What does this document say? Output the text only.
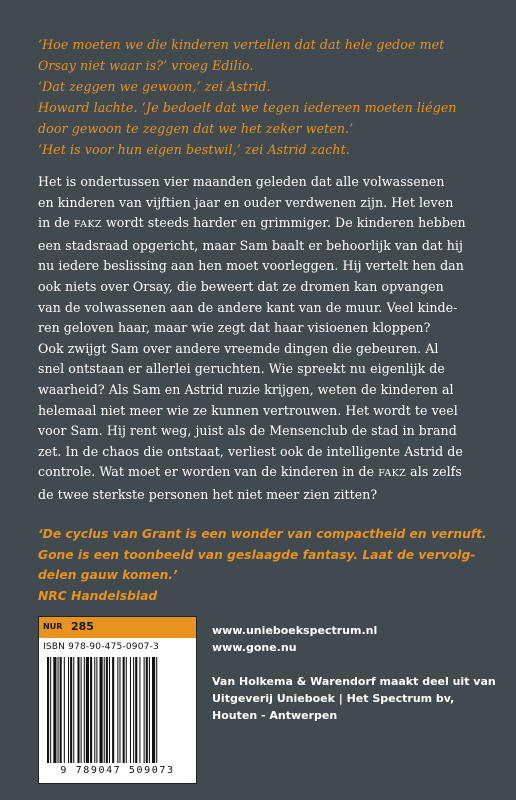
‘Hoe moeten we die kinderen vertellen dat dat hele gedoe met

Orsay niet waar is?’ vroeg Edilio.

‘Dat zeggen we gewoon,’ zei Astrid.

Howard lachte. ‘Je bedoelt dat we tegen iedereen moeten liégen

door gewoon te zeggen dat we het zeker weten.’

‘Het is voor hun eigen bestwil,’ zei Astrid zacht.

Het is ondertussen vier maanden geleden dat alle volwassenen

en kinderen van vijftien jaar en ouder verdwenen zijn. Het leven

in de FAKZ wordt steeds harder en grimmiger. De kinderen hebben

een stadsraad opgericht, maar Sam baalt er behoorlijk van dat hij

nu iedere beslissing aan hen moet voorleggen. Hij vertelt hen dan

ook niets over Orsay, die beweert dat ze dromen kan opvangen

van de volwassenen aan de andere kant van de muur. Veel kinde-

ren geloven haar, maar wie zegt dat haar visioenen kloppen?

Ook zwijgt Sam over andere vreemde dingen die gebeuren. Al

snel ontstaan er allerlei geruchten. Wie spreekt nu eigenlijk de

waarheid? Als Sam en Astrid ruzie krijgen, weten de kinderen al

helemaal niet meer wie ze kunnen vertrouwen. Het wordt te veel

voor Sam. Hij rent weg, juist als de Mensenclub de stad in brand

zet. In de chaos die ontstaat, verliest ook de intelligente Astrid de

controle. Wat moet er worden van de kinderen in de FAKZ als zelfs

de twee sterkste personen het niet meer zien zitten?

‘De cyclus van Grant is een wonder van compactheid en vernuft.

Gone is een toonbeeld van geslaagde fantasy. Laat de vervolg-

delen gauw komen.’

NRC Handelsblad

NUR 285
ISBN 978-90-475-0907-3
9 789047 509073

www.unieboekspectrum.nl

www.gone.nu

Van Holkema & Warendorf maakt deel uit van

Uitgeverij Unieboek | Het Spectrum bv,

Houten - Antwerpen
